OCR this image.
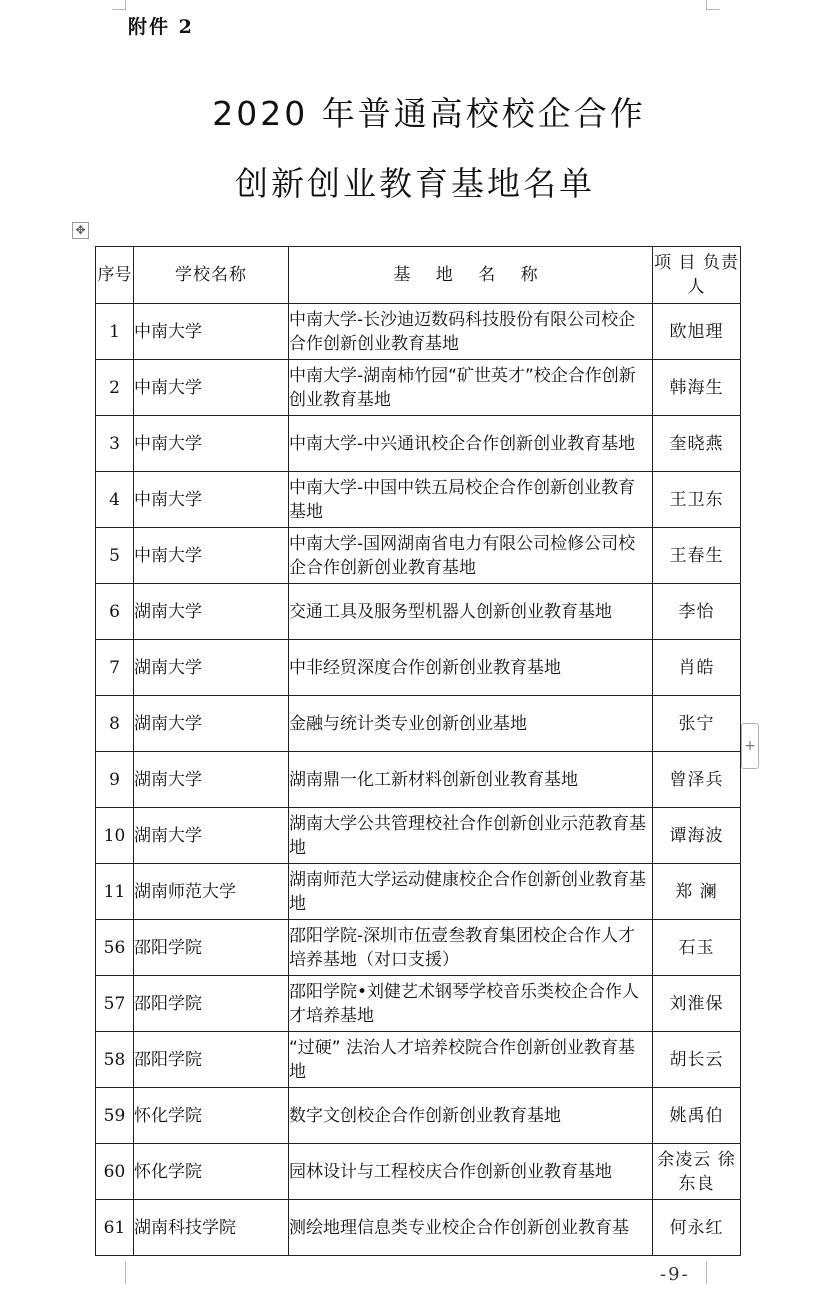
附件 2
2020 年普通高校校企合作
创新创业教育基地名单
✥
+
序号	学校名称	基 地 名 称	项 目 负责人
1	中南大学	中南大学-长沙迪迈数码科技股份有限公司校企合作创新创业教育基地	欧旭理
2	中南大学	中南大学-湖南柿竹园“矿世英才”校企合作创新创业教育基地	韩海生
3	中南大学	中南大学-中兴通讯校企合作创新创业教育基地	奎晓燕
4	中南大学	中南大学-中国中铁五局校企合作创新创业教育基地	王卫东
5	中南大学	中南大学-国网湖南省电力有限公司检修公司校企合作创新创业教育基地	王春生
6	湖南大学	交通工具及服务型机器人创新创业教育基地	李怡
7	湖南大学	中非经贸深度合作创新创业教育基地	肖皓
8	湖南大学	金融与统计类专业创新创业基地	张宁
9	湖南大学	湖南鼎一化工新材料创新创业教育基地	曾泽兵
10	湖南大学	湖南大学公共管理校社合作创新创业示范教育基地	谭海波
11	湖南师范大学	湖南师范大学运动健康校企合作创新创业教育基地	郑 澜
56	邵阳学院	邵阳学院-深圳市伍壹叁教育集团校企合作人才培养基地（对口支援）	石玉
57	邵阳学院	邵阳学院•刘健艺术钢琴学校音乐类校企合作人才培养基地	刘淮保
58	邵阳学院	“过硬” 法治人才培养校院合作创新创业教育基地	胡长云
59	怀化学院	数字文创校企合作创新创业教育基地	姚禹伯
60	怀化学院	园林设计与工程校庆合作创新创业教育基地	余凌云 徐东良
61	湖南科技学院	测绘地理信息类专业校企合作创新创业教育基	何永红
-9-
